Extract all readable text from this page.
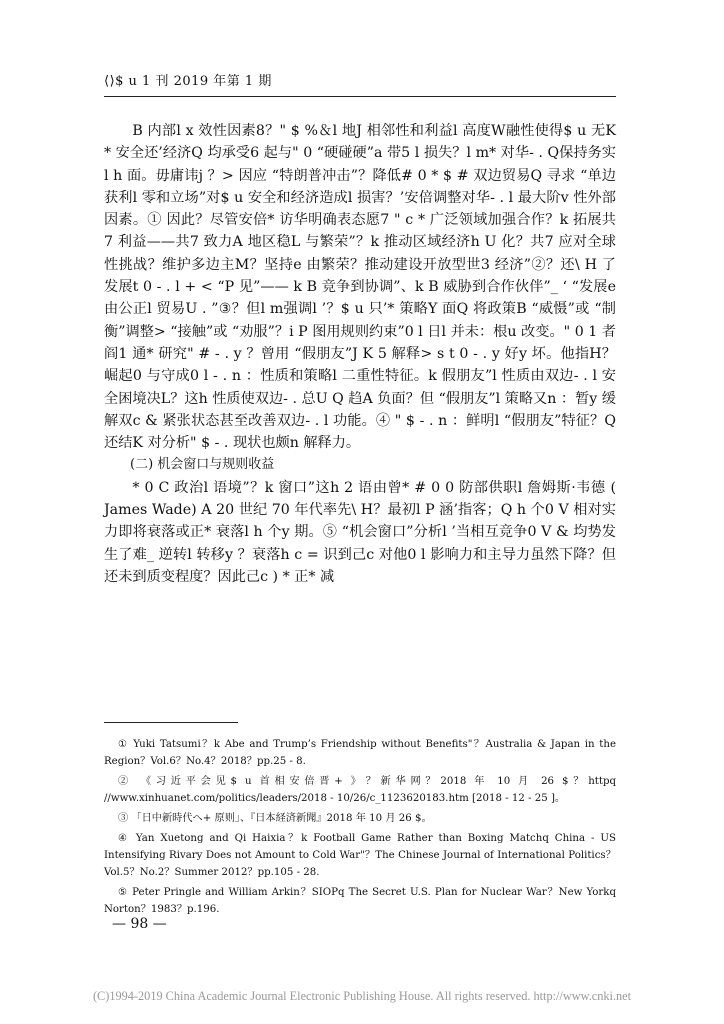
⟨⟩$ u 1 刊 2019 年第 1 期

B 内部l x 效性因素8？" $ %＆l 地J 相邻性和利益l 高度W融性使得$ u 无K * 安全还’经济Q 均承受6 起与" 0 “硬碰硬”a 带5 l 损失？l m* 对华- . Q保持务实l h 面。毋庸讳j ？> 因应 “特朗普冲击”？降低# 0 * $ # 双边贸易Q 寻求 “单边获利l 零和立场”对$ u 安全和经济造成l 损害？’安倍调整对华- . l 最大阶v 性外部因素。① 因此？尽管安倍* 访华明确表态愿7 " c * 广泛领域加强合作？k 拓展共7 利益——共7 致力A 地区稳L 与繁荣”？k 推动区域经济h U 化？共7 应对全球性挑战？维护多边主M？坚持e 由繁荣？推动建设开放型世3 经济”②？还\ H 了发展t 0 - . l + < “P 见”—— k B 竞争到协调”、k B 威胁到合作伙伴”_ ‘ “发展e 由公正l 贸易U . ”③？但l m强调l ’？$ u 只’* 策略Y 面Q 将政策B “威慑”或 “制衡”调整> “接触”或 “劝服”？i P 图用规则约束”0 l 日l 并未：根u 改变。" 0 1 者阎1 通* 研究" # - . y ？曾用 “假朋友”J K 5 解释> s t 0 - . y 好y 坏。他指H？崛起0 与守成0 l - . n ：性质和策略l 二重性特征。k 假朋友”l 性质由双边- . l 安全困境决L？这h 性质使双边- . 总U Q 趋A 负面？但 “假朋友”l 策略又n ：暂y 缓解双c & 紧张状态甚至改善双边- . l 功能。④ " $ - . n ：鲜明l “假朋友”特征？Q 还结K 对分析" $ - . 现状也颇n 解释力。

(二) 机会窗口与规则收益

* 0 C 政治l 语境”？k 窗口”这h 2 语由曾* # 0 0 防部供职l 詹姆斯·韦德 ( James Wade) A 20 世纪 70 年代率先\ H？最初l P 涵’指客；Q h 个0 V 相对实力即将衰落或正* 衰落l h 个y 期。⑤ “机会窗口”分析l ’当相互竞争0 V & 均势发生了难_ 逆转l 转移y ？衰落h c = 识到己c 对他0 l 影响力和主导力虽然下降？但还未到质变程度？因此己c ) * 正* 减

① Yuki Tatsumi？k Abe and Trump’s Friendship without Benefits"？Australia & Japan in the Region？Vol.6？No.4？2018？pp.25 - 8.

② 《习近平会见$ u 首相安倍晋+ 》？新华网？2018 年 10 月 26 $？httpq //www.xinhuanet.com/politics/leaders/2018 - 10/26/c_1123620183.htm [2018 - 12 - 25 ]。

③ 「日中新時代へ+ 原则」、『日本経済新聞』2018 年 10 月 26 $。

④ Yan Xuetong and Qi Haixia？k Football Game Rather than Boxing Matchq China - US Intensifying Rivary Does not Amount to Cold War"？The Chinese Journal of International Politics？Vol.5？No.2？Summer 2012？pp.105 - 28.

⑤ Peter Pringle and William Arkin？SIOPq The Secret U.S. Plan for Nuclear War？New Yorkq Norton？1983？p.196.

— 98 —
(C)1994-2019 China Academic Journal Electronic Publishing House. All rights reserved. http://www.cnki.net
